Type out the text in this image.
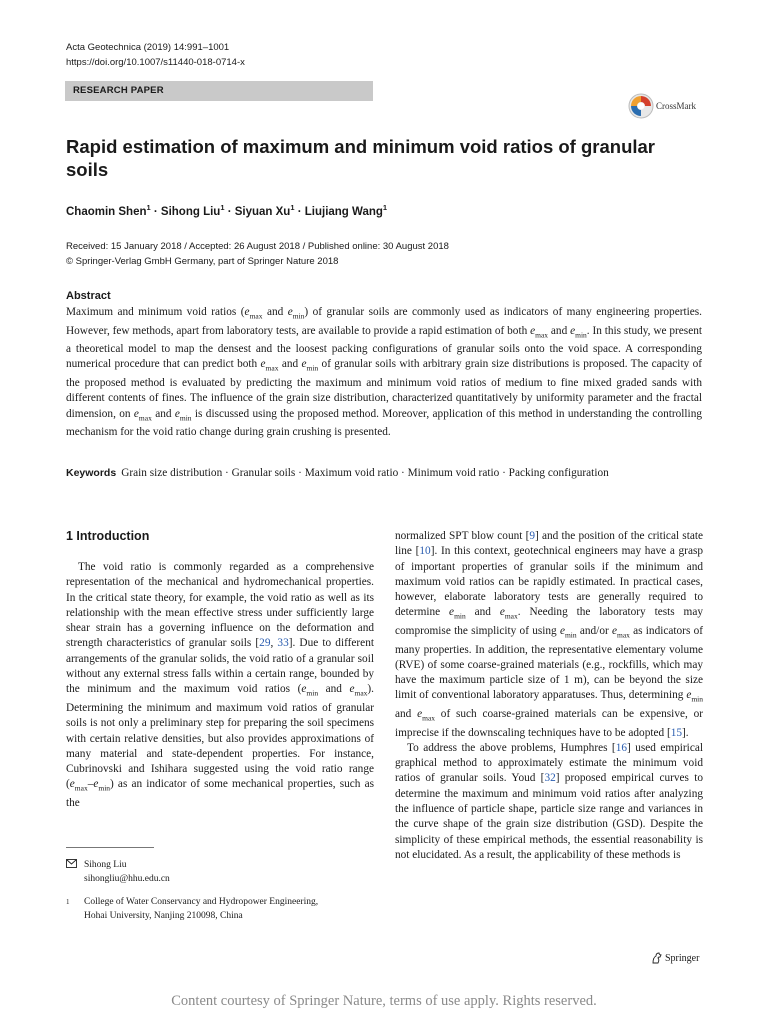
Acta Geotechnica (2019) 14:991–1001
https://doi.org/10.1007/s11440-018-0714-x
RESEARCH PAPER
CrossMark
Rapid estimation of maximum and minimum void ratios of granular soils
Chaomin Shen$^1$ · Sihong Liu$^1$ · Siyuan $Xu^1$ · Liujiang Wang$^1$
Received: 15 January 2018 / Accepted: 26 August 2018 / Published online: 30 August 2018
© Springer-Verlag GmbH Germany, part of Springer Nature 2018
Abstract
Maximum and minimum void ratios ($e_{max}$ and $e_{min}$) of granular soils are commonly used as indicators of many engineering properties. However, few methods, apart from laboratory tests, are available to provide a rapid estimation of both $e_{max}$ and $e_{min}$. In this study, we present a theoretical model to map the densest and the loosest packing configurations of granular soils onto the void space. A corresponding numerical procedure that can predict both $e_{max}$ and $e_{min}$ of granular soils with arbitrary grain size distributions is proposed. The capacity of the proposed method is evaluated by predicting the maximum and minimum void ratios of medium to fine mixed graded sands with different contents of fines. The influence of the grain size distribution, characterized quantitatively by uniformity parameter and the fractal dimension, on $e_{max}$ and $e_{min}$ is discussed using the proposed method. Moreover, application of this method in understanding the controlling mechanism for the void ratio change during grain crushing is presented.
Keywords Grain size distribution · Granular soils · Maximum void ratio · Minimum void ratio · Packing configuration
1 Introduction

The void ratio is commonly regarded as a comprehensive representation of the mechanical and hydromechanical properties. In the critical state theory, for example, the void ratio as well as its relationship with the mean effective stress under sufficiently large shear strain has a governing influence on the deformation and strength characteristics of granular soils [29, 33]. Due to different arrangements of the granular solids, the void ratio of a granular soil without any external stress falls within a certain range, bounded by the minimum and the maximum void ratios ($e_{min}$ and $e_{max}$). Determining the minimum and maximum void ratios of granular soils is not only a preliminary step for preparing the soil specimens with certain relative densities, but also provides approximations of many material and state-dependent properties. For instance, Cubrinovski and Ishihara suggested using the void ratio range $(e_{max}-e_{min})$ as an indicator of some mechanical properties, such as the

normalized SPT blow count [9] and the position of the critical state line [10]. In this context, geotechnical engineers may have a grasp of important properties of granular soils if the minimum and maximum void ratios can be rapidly estimated. In practical cases, however, elaborate laboratory tests are generally required to determine $e_{min}$ and $e_{max}$. Needing the laboratory tests may compromise the simplicity of using $e_{min}$ and/or $e_{max}$ as indicators of many properties. In addition, the representative elementary volume (RVE) of some coarse-grained materials (e.g., rockfills, which may have the maximum particle size of 1 m), can be beyond the size limit of conventional laboratory apparatuses. Thus, determining $e_{min}$ and $e_{max}$ of such coarse-grained materials can be expensive, or imprecise if the downscaling techniques have to be adopted [15].

To address the above problems, Humphres [16] used empirical graphical method to approximately estimate the minimum void ratios of granular soils. Youd [32] proposed empirical curves to determine the maximum and minimum void ratios after analyzing the influence of particle shape, particle size range and variances in the curve shape of the grain size distribution (GSD). Despite the simplicity of these empirical methods, the essential reasonability is not elucidated. As a result, the applicability of these methods is

Sihong Liu
sihongliu@hhu.edu.cn
1	College of Water Conservancy and Hydropower Engineering,
Hohai University, Nanjing 210098, China
Springer
Content courtesy of Springer Nature, terms of use apply. Rights reserved.
